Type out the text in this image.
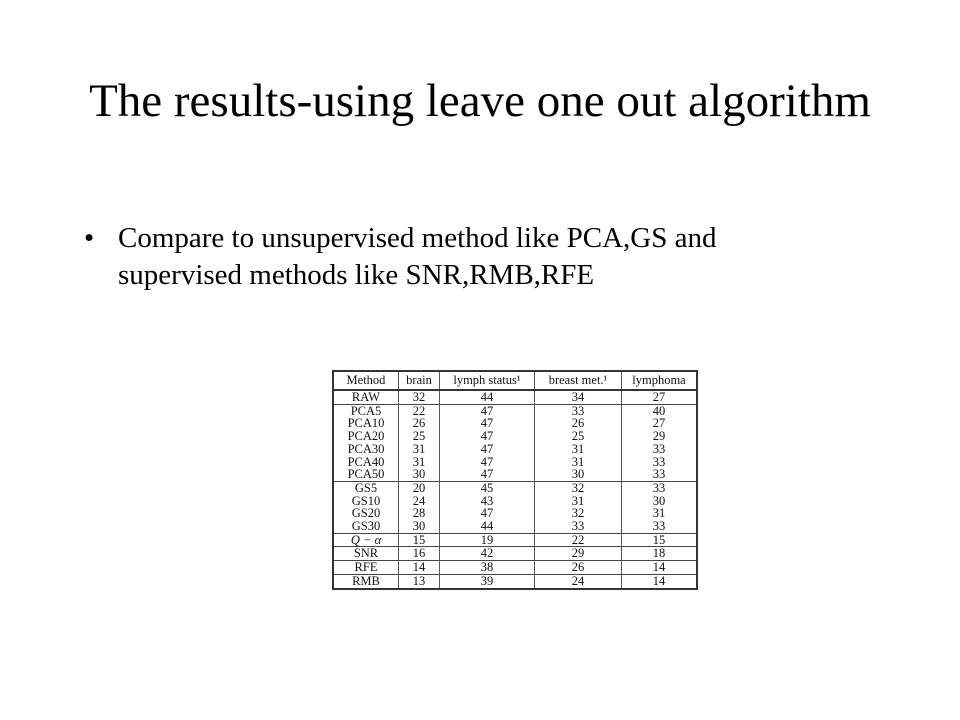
The results-using leave one out algorithm
• Compare to unsupervised method like PCA,GS and supervised methods like SNR,RMB,RFE
Method	brain	lymph status¹	breast met.¹	lymphoma
RAW	32	44	34	27
PCA5	22	47	33	40
PCA10	26	47	26	27
PCA20	25	47	25	29
PCA30	31	47	31	33
PCA40	31	47	31	33
PCA50	30	47	30	33
GS5	20	45	32	33
GS10	24	43	31	30
GS20	28	47	32	31
GS30	30	44	33	33
Q − α	15	19	22	15
SNR	16	42	29	18
RFE	14	38	26	14
RMB	13	39	24	14
